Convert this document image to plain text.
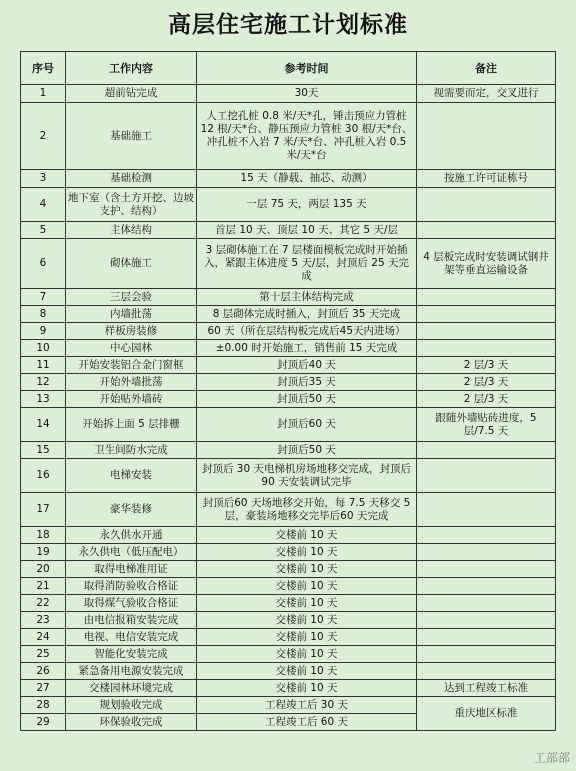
高层住宅施工计划标准
序号	工作内容	参考时间	备注
1	超前钻完成	30天	视需要而定，交叉进行
2	基础施工	人工挖孔桩 0.8 米/天*孔，锤击预应力管桩 12 根/天*台、静压预应力管桩 30 根/天*台、冲孔桩不入岩 7 米/天*台、冲孔桩入岩 0.5 米/天*台	
3	基础检测	15 天（静载、抽芯、动测）	按施工许可证栋号
4	地下室（含土方开挖、边坡支护、结构）	一层 75 天，两层 135 天	
5	主体结构	首层 10 天、顶层 10 天、其它 5 天/层	
6	砌体施工	3 层砌体施工在 7 层楼面模板完成时开始插入，紧跟主体进度 5 天/层，封顶后 25 天完成	4 层板完成时安装调试钢井架等垂直运输设备
7	三层会验	第十层主体结构完成	
8	内墙批荡	8 层砌体完成时插入，封顶后 35 天完成	
9	样板房装修	60 天（所在层结构板完成后45天内进场）	
10	中心园林	±0.00 时开始施工，销售前 15 天完成	
11	开始安装铝合金门窗框	封顶后40 天	2 层/3 天
12	开始外墙批荡	封顶后35 天	2 层/3 天
13	开始贴外墙砖	封顶后50 天	2 层/3 天
14	开始拆上面 5 层排栅	封顶后60 天	跟随外墙贴砖进度，5 层/7.5 天
15	卫生间防水完成	封顶后50 天	
16	电梯安装	封顶后 30 天电梯机房场地移交完成，封顶后 90 天安装调试完毕	
17	豪华装修	封顶后60 天场地移交开始，每 7.5 天移交 5 层，豪装场地移交完毕后60 天完成	
18	永久供水开通	交楼前 10 天	
19	永久供电（低压配电）	交楼前 10 天	
20	取得电梯准用证	交楼前 10 天	
21	取得消防验收合格证	交楼前 10 天	
22	取得煤气验收合格证	交楼前 10 天	
23	由电信报箱安装完成	交楼前 10 天	
24	电视、电信安装完成	交楼前 10 天	
25	智能化安装完成	交楼前 10 天	
26	紧急备用电源安装完成	交楼前 10 天	
27	交楼园林环境完成	交楼前 10 天	达到工程竣工标准
28	规划验收完成	工程竣工后 30 天	重庆地区标准
29	环保验收完成	工程竣工后 60 天	
工部部
